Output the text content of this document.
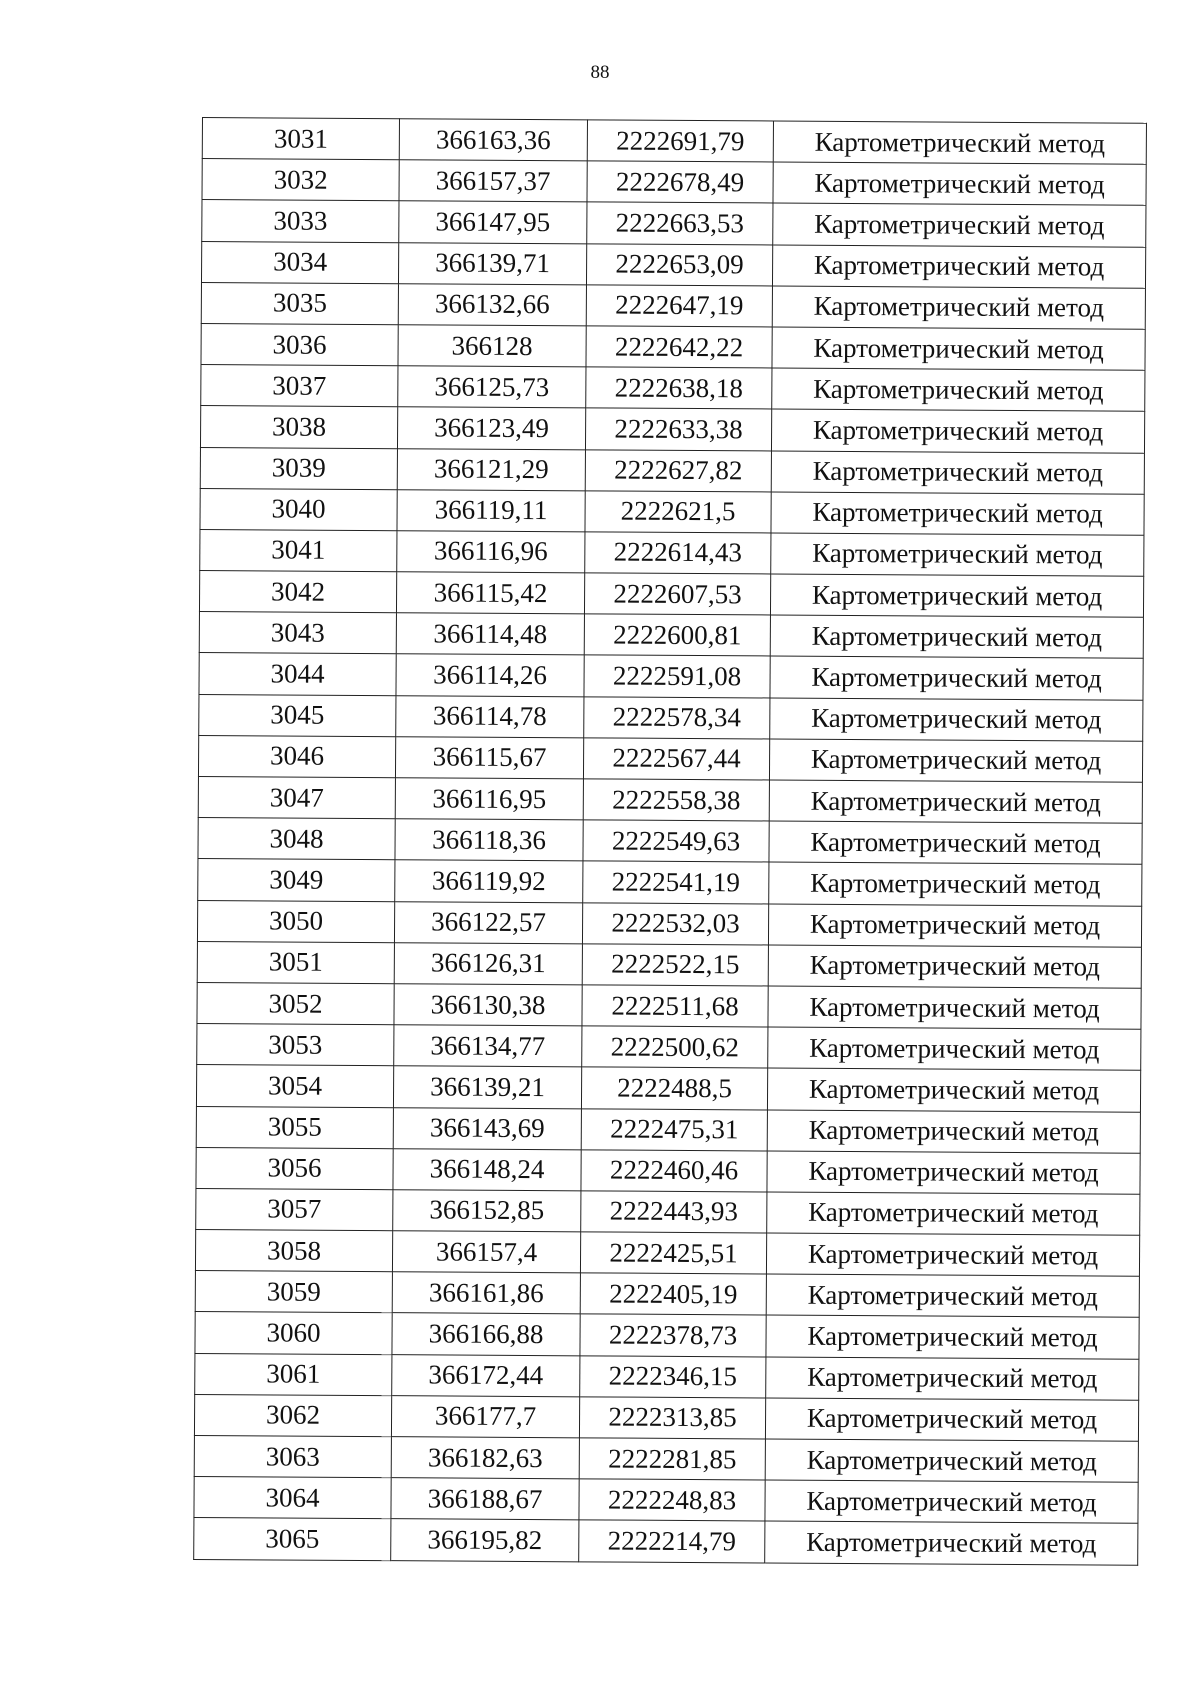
88
3031	366163,36	2222691,79	Картометрический метод
3032	366157,37	2222678,49	Картометрический метод
3033	366147,95	2222663,53	Картометрический метод
3034	366139,71	2222653,09	Картометрический метод
3035	366132,66	2222647,19	Картометрический метод
3036	366128	2222642,22	Картометрический метод
3037	366125,73	2222638,18	Картометрический метод
3038	366123,49	2222633,38	Картометрический метод
3039	366121,29	2222627,82	Картометрический метод
3040	366119,11	2222621,5	Картометрический метод
3041	366116,96	2222614,43	Картометрический метод
3042	366115,42	2222607,53	Картометрический метод
3043	366114,48	2222600,81	Картометрический метод
3044	366114,26	2222591,08	Картометрический метод
3045	366114,78	2222578,34	Картометрический метод
3046	366115,67	2222567,44	Картометрический метод
3047	366116,95	2222558,38	Картометрический метод
3048	366118,36	2222549,63	Картометрический метод
3049	366119,92	2222541,19	Картометрический метод
3050	366122,57	2222532,03	Картометрический метод
3051	366126,31	2222522,15	Картометрический метод
3052	366130,38	2222511,68	Картометрический метод
3053	366134,77	2222500,62	Картометрический метод
3054	366139,21	2222488,5	Картометрический метод
3055	366143,69	2222475,31	Картометрический метод
3056	366148,24	2222460,46	Картометрический метод
3057	366152,85	2222443,93	Картометрический метод
3058	366157,4	2222425,51	Картометрический метод
3059	366161,86	2222405,19	Картометрический метод
3060	366166,88	2222378,73	Картометрический метод
3061	366172,44	2222346,15	Картометрический метод
3062	366177,7	2222313,85	Картометрический метод
3063	366182,63	2222281,85	Картометрический метод
3064	366188,67	2222248,83	Картометрический метод
3065	366195,82	2222214,79	Картометрический метод
